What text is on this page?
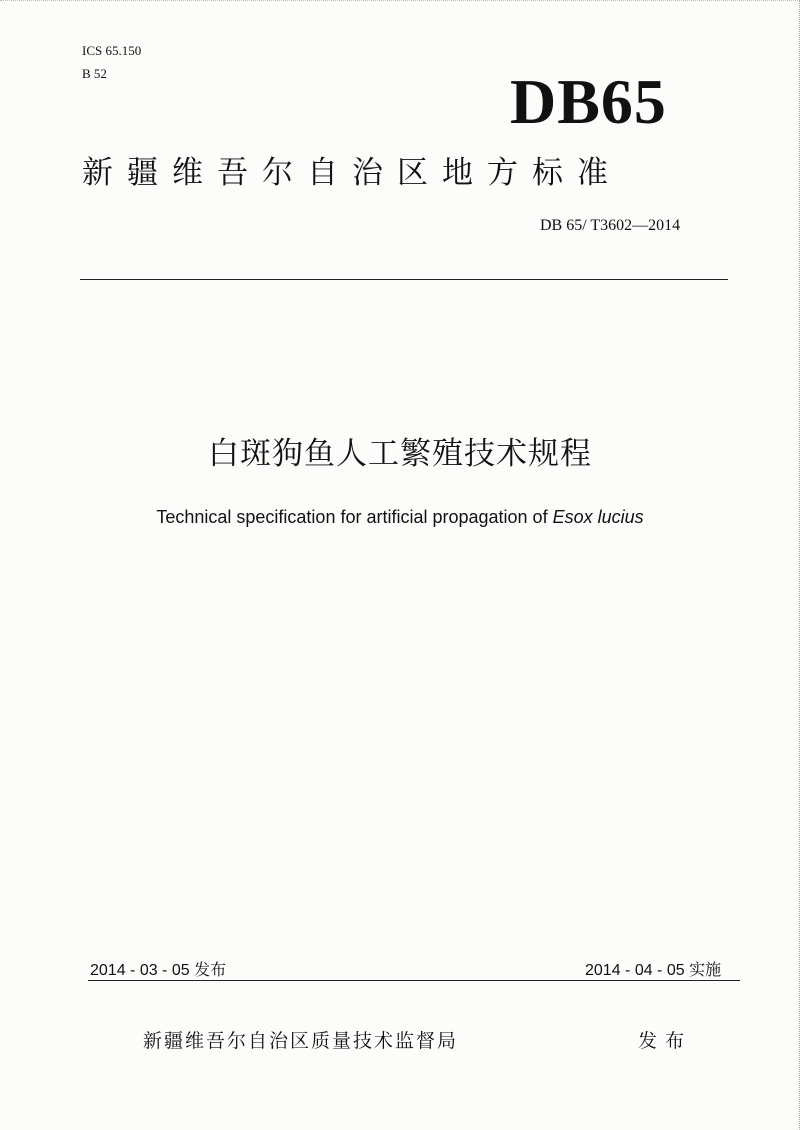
ICS 65.150
B 52	DB65
新疆维吾尔自治区地方标准
DB 65/ T3602—2014
白斑狗鱼人工繁殖技术规程
Technical specification for artificial propagation of Esox lucius
2014 - 03 - 05 发布	2014 - 04 - 05 实施
新疆维吾尔自治区质量技术监督局	发布
